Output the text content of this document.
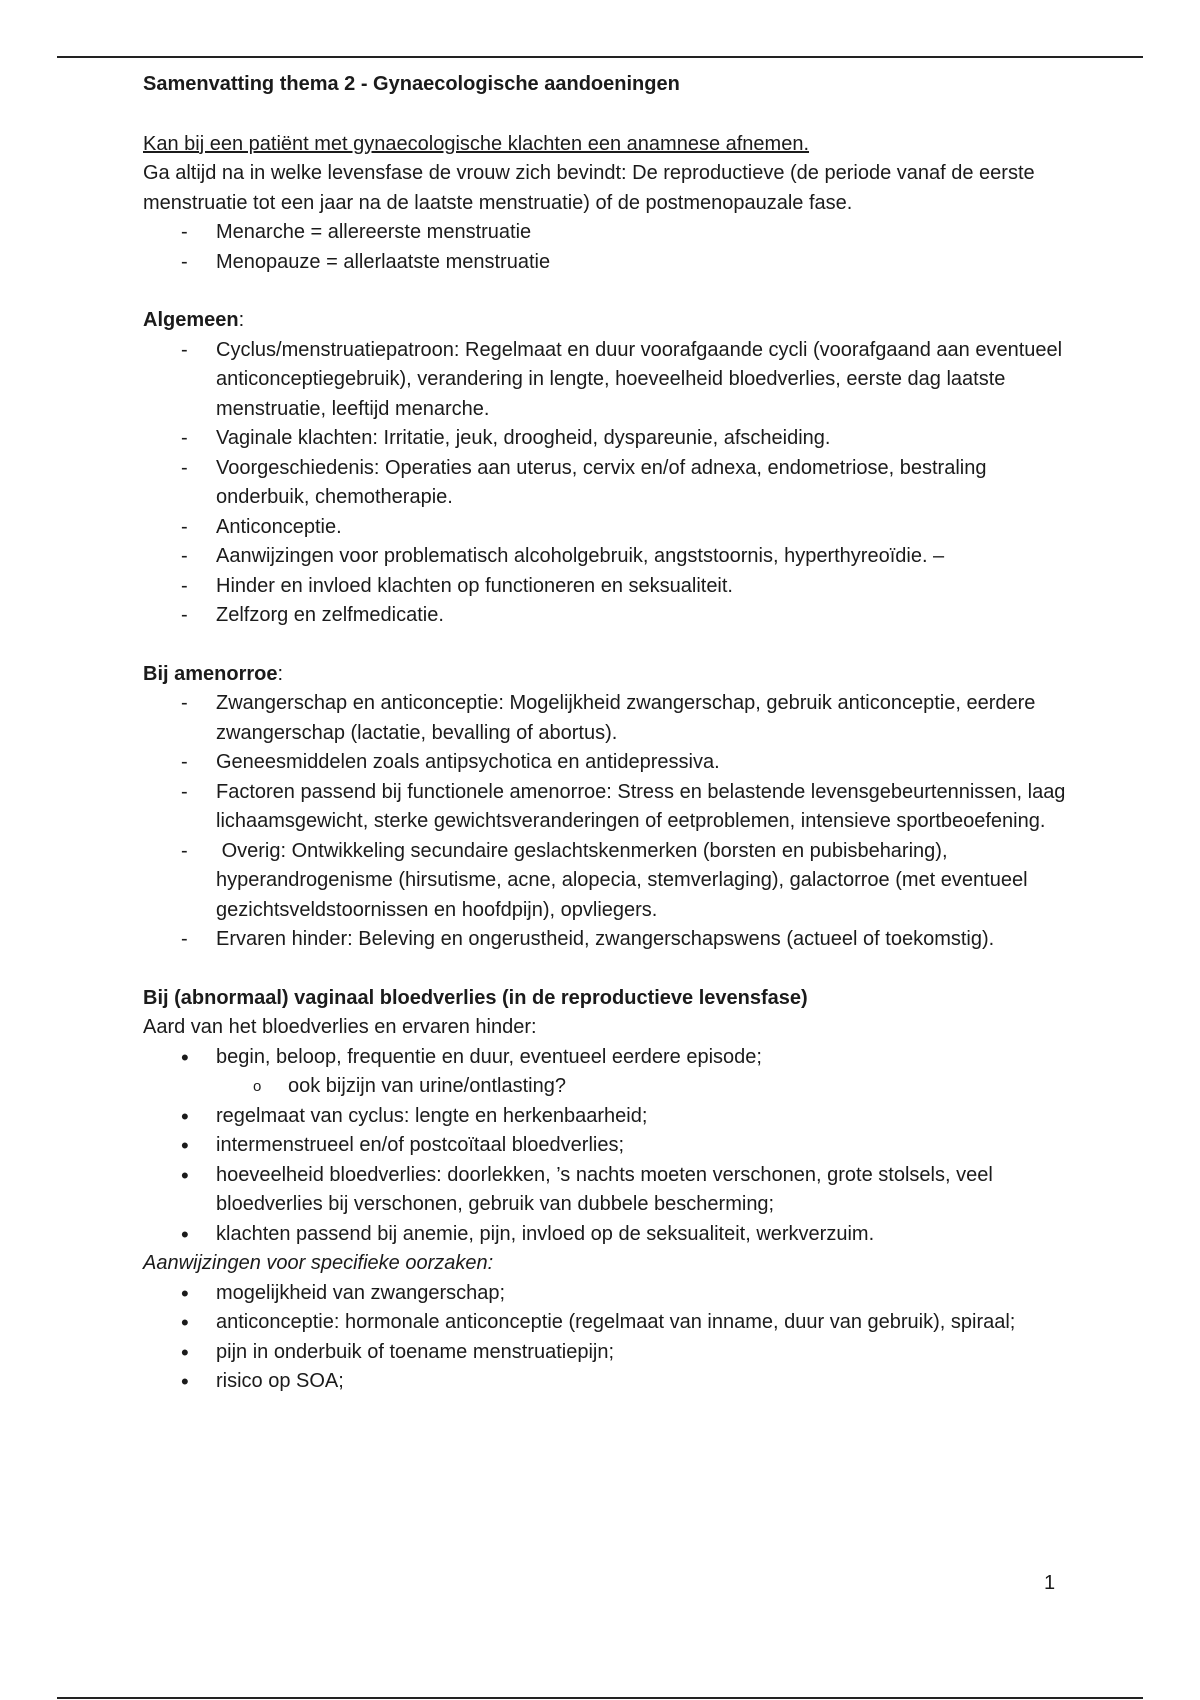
Samenvatting thema 2 - Gynaecologische aandoeningen

Kan bij een patiënt met gynaecologische klachten een anamnese afnemen.

Ga altijd na in welke levensfase de vrouw zich bevindt: De reproductieve (de periode vanaf de eerste menstruatie tot een jaar na de laatste menstruatie) of de postmenopauzale fase.

-
Menarche = allereerste menstruatie
-
Menopauze = allerlaatste menstruatie

Algemeen:

-
Cyclus/menstruatiepatroon: Regelmaat en duur voorafgaande cycli (voorafgaand aan eventueel anticonceptiegebruik), verandering in lengte, hoeveelheid bloedverlies, eerste dag laatste menstruatie, leeftijd menarche.
-
Vaginale klachten: Irritatie, jeuk, droogheid, dyspareunie, afscheiding.
-
Voorgeschiedenis: Operaties aan uterus, cervix en/of adnexa, endometriose, bestraling onderbuik, chemotherapie.
-
Anticonceptie.
-
Aanwijzingen voor problematisch alcoholgebruik, angststoornis, hyperthyreoïdie. –
-
Hinder en invloed klachten op functioneren en seksualiteit.
-
Zelfzorg en zelfmedicatie.

Bij amenorroe:

-
Zwangerschap en anticonceptie: Mogelijkheid zwangerschap, gebruik anticonceptie, eerdere zwangerschap (lactatie, bevalling of abortus).
-
Geneesmiddelen zoals antipsychotica en antidepressiva.
-
Factoren passend bij functionele amenorroe: Stress en belastende levensgebeurtennissen, laag lichaamsgewicht, sterke gewichtsveranderingen of eetproblemen, intensieve sportbeoefening.
-
Overig: Ontwikkeling secundaire geslachtskenmerken (borsten en pubisbeharing), hyperandrogenisme (hirsutisme, acne, alopecia, stemverlaging), galactorroe (met eventueel gezichtsveldstoornissen en hoofdpijn), opvliegers.
-
Ervaren hinder: Beleving en ongerustheid, zwangerschapswens (actueel of toekomstig).

Bij (abnormaal) vaginaal bloedverlies (in de reproductieve levensfase)

Aard van het bloedverlies en ervaren hinder:

•
begin, beloop, frequentie en duur, eventueel eerdere episode;
o
ook bijzijn van urine/ontlasting?
•
regelmaat van cyclus: lengte en herkenbaarheid;
•
intermenstrueel en/of postcoïtaal bloedverlies;
•
hoeveelheid bloedverlies: doorlekken, ’s nachts moeten verschonen, grote stolsels, veel bloedverlies bij verschonen, gebruik van dubbele bescherming;
•
klachten passend bij anemie, pijn, invloed op de seksualiteit, werkverzuim.

Aanwijzingen voor specifieke oorzaken:

•
mogelijkheid van zwangerschap;
•
anticonceptie: hormonale anticonceptie (regelmaat van inname, duur van gebruik), spiraal;
•
pijn in onderbuik of toename menstruatiepijn;
•
risico op SOA;
1
